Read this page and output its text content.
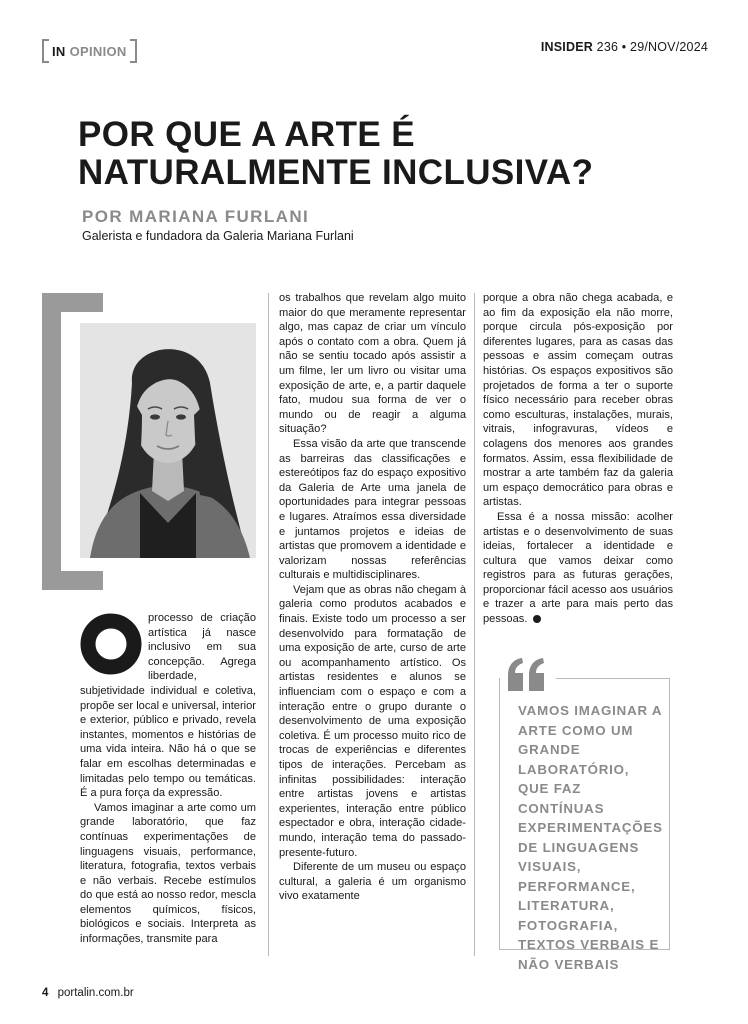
IN OPINION	INSIDER 236 • 29/NOV/2024
POR QUE A ARTE É NATURALMENTE INCLUSIVA?
POR MARIANA FURLANI
Galerista e fundadora da Galeria Mariana Furlani

processo de criação artística já nasce inclusivo em sua concepção. Agrega liberdade, subjetividade individual e coletiva, propõe ser local e universal, interior e exterior, público e privado, revela instantes, momentos e histórias de uma vida inteira. Não há o que se falar em escolhas determinadas e limitadas pelo tempo ou temáticas. É a pura força da expressão.

Vamos imaginar a arte como um grande laboratório, que faz contínuas experimentações de linguagens visuais, performance, literatura, fotografia, textos verbais e não verbais. Recebe estímulos do que está ao nosso redor, mescla elementos químicos, físicos, biológicos e sociais. Interpreta as informações, transmite para

os trabalhos que revelam algo muito maior do que meramente representar algo, mas capaz de criar um vínculo após o contato com a obra. Quem já não se sentiu tocado após assistir a um filme, ler um livro ou visitar uma exposição de arte, e, a partir daquele fato, mudou sua forma de ver o mundo ou de reagir a alguma situação?

Essa visão da arte que transcende as barreiras das classificações e estereótipos faz do espaço expositivo da Galeria de Arte uma janela de oportunidades para integrar pessoas e lugares. Atraímos essa diversidade e juntamos projetos e ideias de artistas que promovem a identidade e valorizam nossas referências culturais e multidisciplinares.

Vejam que as obras não chegam à galeria como produtos acabados e finais. Existe todo um processo a ser desenvolvido para formatação de uma exposição de arte, curso de arte ou acompanhamento artístico. Os artistas residentes e alunos se influenciam com o espaço e com a interação entre o grupo durante o desenvolvimento de uma exposição coletiva. É um processo muito rico de trocas de experiências e diferentes tipos de interações. Percebam as infinitas possibilidades: interação entre artistas jovens e artistas experientes, interação entre público espectador e obra, interação cidade-mundo, interação tema do passado-presente-futuro.

Diferente de um museu ou espaço cultural, a galeria é um organismo vivo exatamente

porque a obra não chega acabada, e ao fim da exposição ela não morre, porque circula pós-exposição por diferentes lugares, para as casas das pessoas e assim começam outras histórias. Os espaços expositivos são projetados de forma a ter o suporte físico necessário para receber obras como esculturas, instalações, murais, vitrais, infogravuras, vídeos e colagens dos menores aos grandes formatos. Assim, essa flexibilidade de mostrar a arte também faz da galeria um espaço democrático para obras e artistas.

Essa é a nossa missão: acolher artistas e o desenvolvimento de suas ideias, fortalecer a identidade e cultura que vamos deixar como registros para as futuras gerações, proporcionar fácil acesso aos usuários e trazer a arte para mais perto das pessoas. +

VAMOS IMAGINAR A ARTE COMO UM GRANDE LABORATÓRIO, QUE FAZ CONTÍNUAS EXPERIMENTAÇÕES DE LINGUAGENS VISUAIS, PERFORMANCE, LITERATURA, FOTOGRAFIA, TEXTOS VERBAIS E NÃO VERBAIS
4 portalin.com.br
